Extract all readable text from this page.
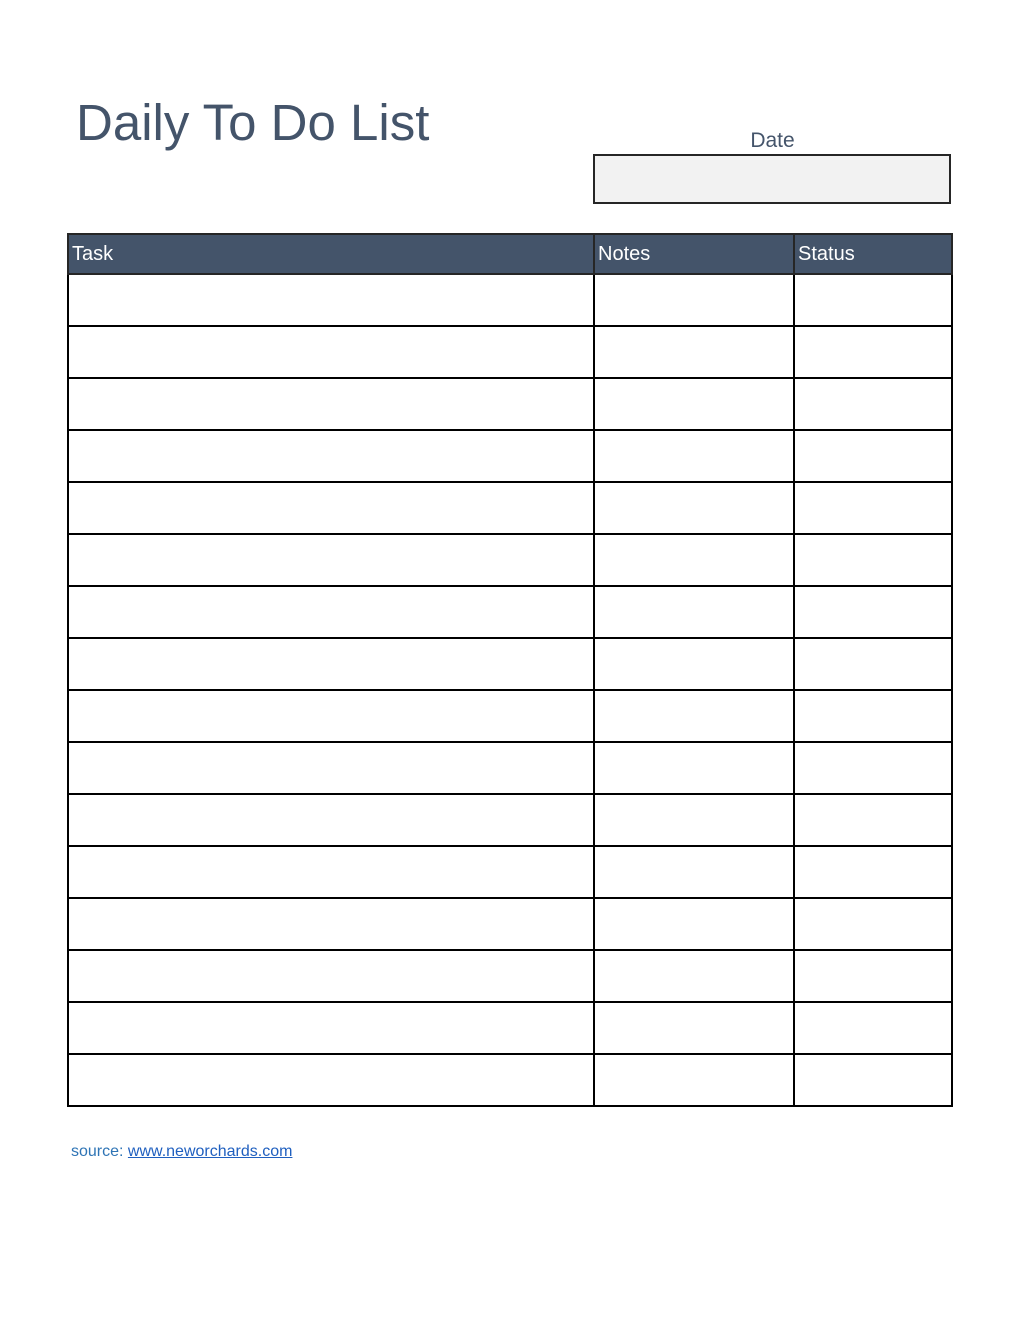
Daily To Do List	Date
Task	Notes	Status

source: www.neworchards.com
